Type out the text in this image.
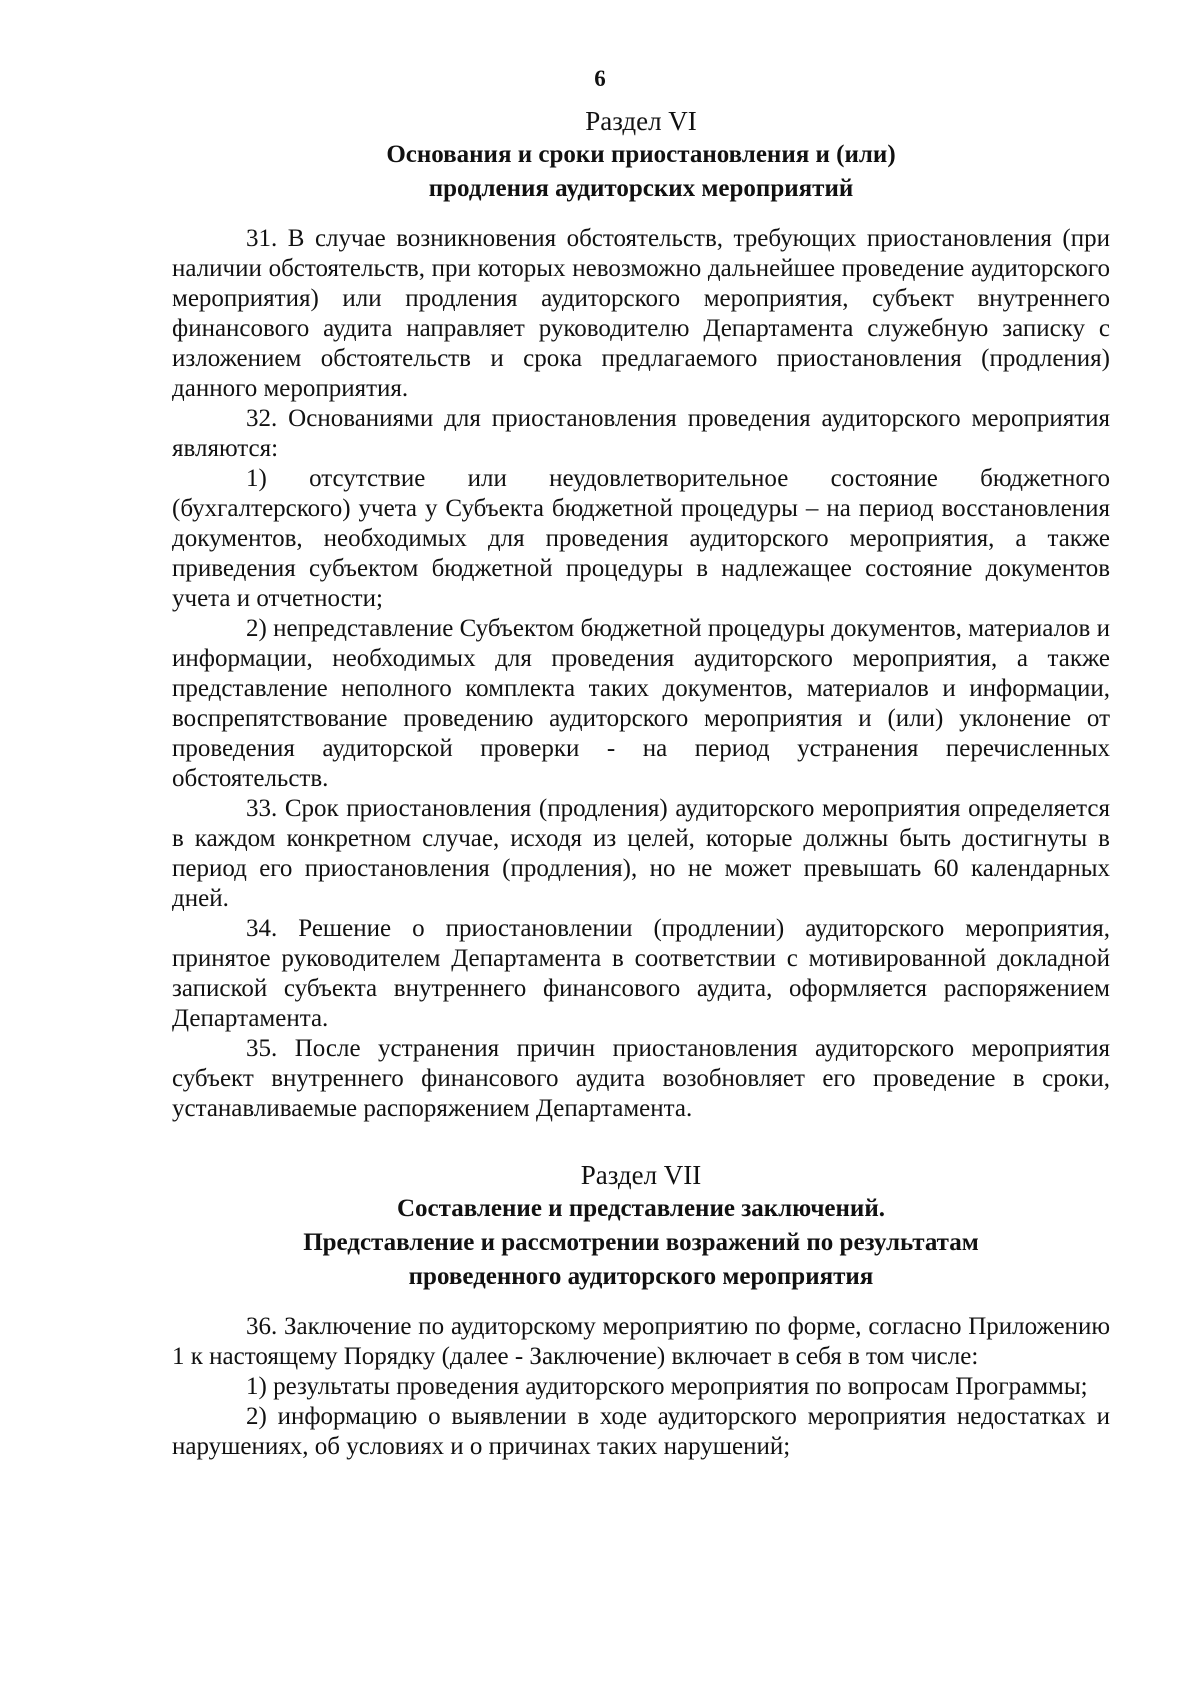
6

Раздел VI

Основания и сроки приостановления и (или)

продления аудиторских мероприятий

31. В случае возникновения обстоятельств, требующих приостановления (при наличии обстоятельств, при которых невозможно дальнейшее проведение аудиторского мероприятия) или продления аудиторского мероприятия, субъект внутреннего финансового аудита направляет руководителю Департамента служебную записку с изложением обстоятельств и срока предлагаемого приостановления (продления) данного мероприятия.

32. Основаниями для приостановления проведения аудиторского мероприятия являются:

1) отсутствие или неудовлетворительное состояние бюджетного (бухгалтерского) учета у Субъекта бюджетной процедуры – на период восстановления документов, необходимых для проведения аудиторского мероприятия, а также приведения субъектом бюджетной процедуры в надлежащее состояние документов учета и отчетности;

2) непредставление Субъектом бюджетной процедуры документов, материалов и информации, необходимых для проведения аудиторского мероприятия, а также представление неполного комплекта таких документов, материалов и информации, воспрепятствование проведению аудиторского мероприятия и (или) уклонение от проведения аудиторской проверки - на период устранения перечисленных обстоятельств.

33. Срок приостановления (продления) аудиторского мероприятия определяется в каждом конкретном случае, исходя из целей, которые должны быть достигнуты в период его приостановления (продления), но не может превышать 60 календарных дней.

34. Решение о приостановлении (продлении) аудиторского мероприятия, принятое руководителем Департамента в соответствии с мотивированной докладной запиской субъекта внутреннего финансового аудита, оформляется распоряжением Департамента.

35. После устранения причин приостановления аудиторского мероприятия субъект внутреннего финансового аудита возобновляет его проведение в сроки, устанавливаемые распоряжением Департамента.

Раздел VII

Составление и представление заключений.

Представление и рассмотрении возражений по результатам

проведенного аудиторского мероприятия

36. Заключение по аудиторскому мероприятию по форме, согласно Приложению 1 к настоящему Порядку (далее - Заключение) включает в себя в том числе:

1) результаты проведения аудиторского мероприятия по вопросам Программы;

2) информацию о выявлении в ходе аудиторского мероприятия недостатках и нарушениях, об условиях и о причинах таких нарушений;
